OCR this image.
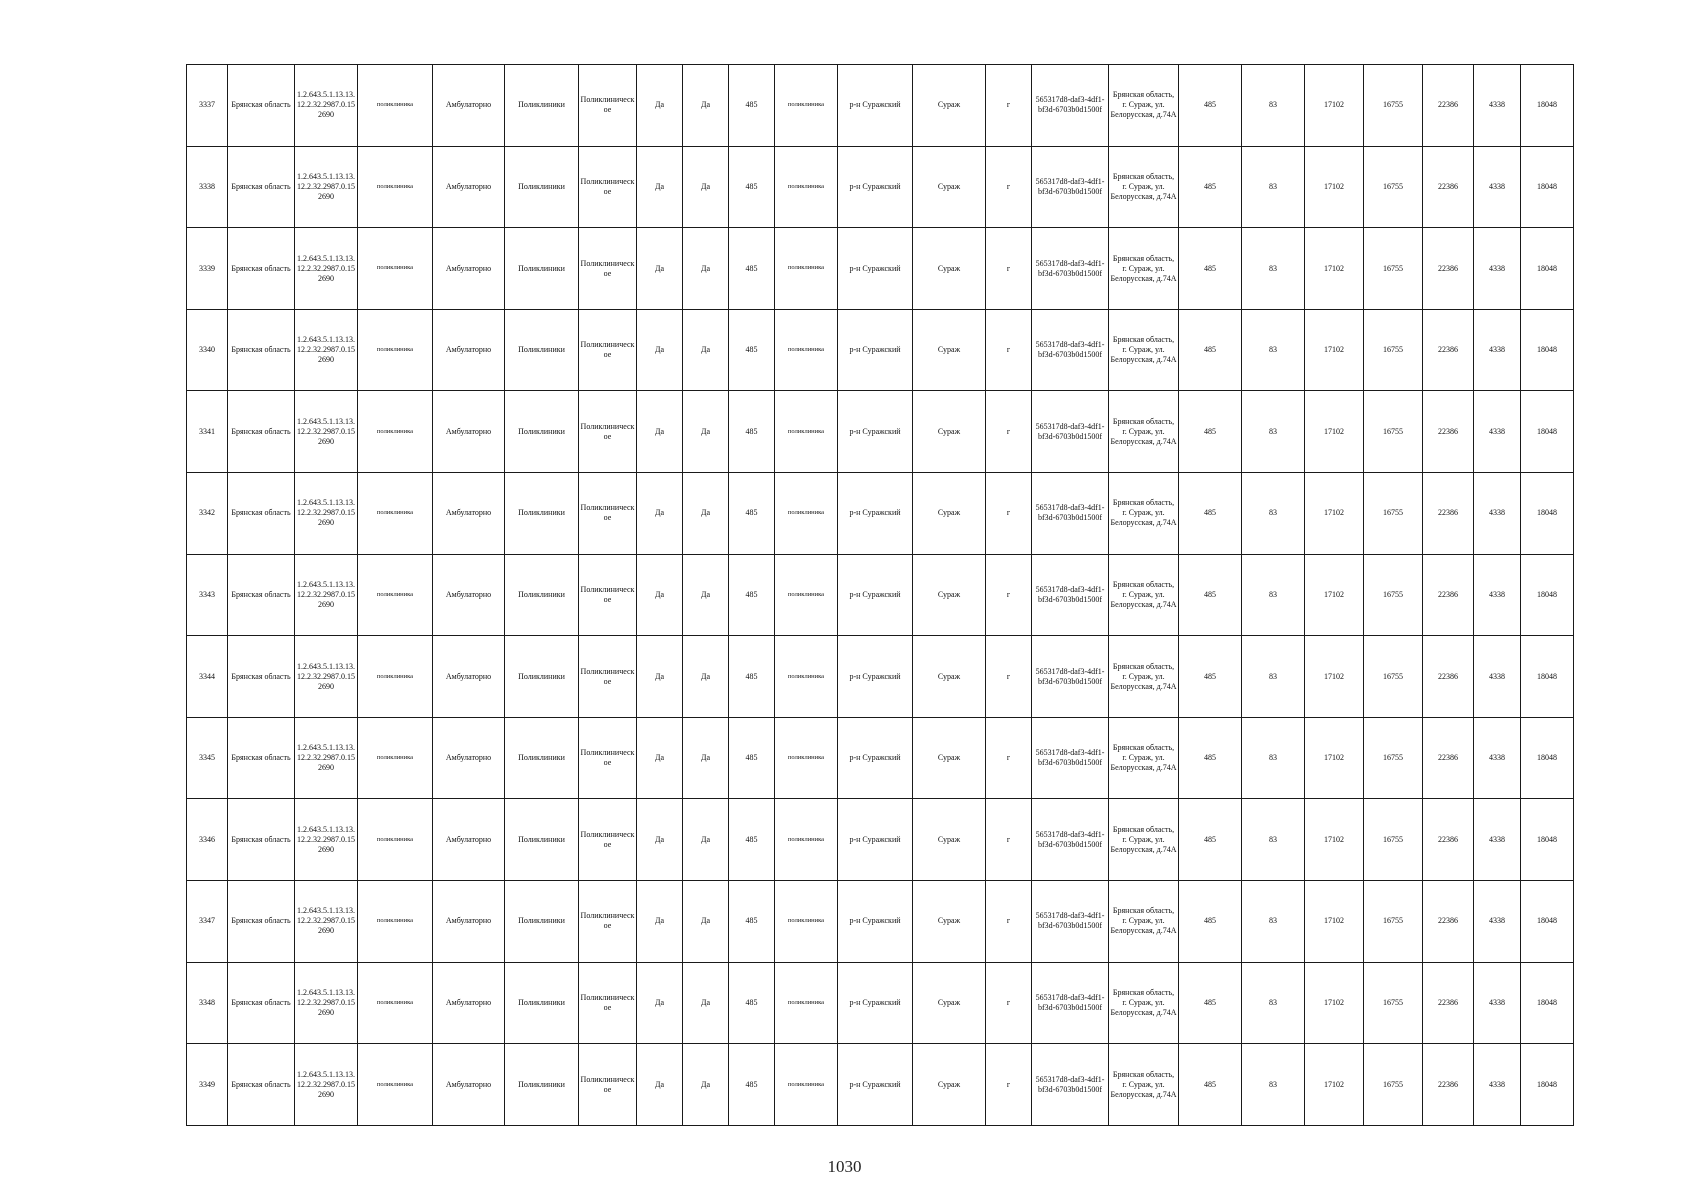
3337	Брянская область	1.2.643.5.1.13.13.12.2.32.2987.0.152690	поликлиника	Амбулаторно	Поликлиники	Поликлиническое	Да	Да	485	поликлиника	р-н Суражский	Сураж	г	565317d8-daf3-4df1-bf3d-6703b0d1500f	Брянская область, г. Сураж, ул. Белорусская, д.74А	485	83	17102	16755	22386	4338	18048
3338	Брянская область	1.2.643.5.1.13.13.12.2.32.2987.0.152690	поликлиника	Амбулаторно	Поликлиники	Поликлиническое	Да	Да	485	поликлиника	р-н Суражский	Сураж	г	565317d8-daf3-4df1-bf3d-6703b0d1500f	Брянская область, г. Сураж, ул. Белорусская, д.74А	485	83	17102	16755	22386	4338	18048
3339	Брянская область	1.2.643.5.1.13.13.12.2.32.2987.0.152690	поликлиника	Амбулаторно	Поликлиники	Поликлиническое	Да	Да	485	поликлиника	р-н Суражский	Сураж	г	565317d8-daf3-4df1-bf3d-6703b0d1500f	Брянская область, г. Сураж, ул. Белорусская, д.74А	485	83	17102	16755	22386	4338	18048
3340	Брянская область	1.2.643.5.1.13.13.12.2.32.2987.0.152690	поликлиника	Амбулаторно	Поликлиники	Поликлиническое	Да	Да	485	поликлиника	р-н Суражский	Сураж	г	565317d8-daf3-4df1-bf3d-6703b0d1500f	Брянская область, г. Сураж, ул. Белорусская, д.74А	485	83	17102	16755	22386	4338	18048
3341	Брянская область	1.2.643.5.1.13.13.12.2.32.2987.0.152690	поликлиника	Амбулаторно	Поликлиники	Поликлиническое	Да	Да	485	поликлиника	р-н Суражский	Сураж	г	565317d8-daf3-4df1-bf3d-6703b0d1500f	Брянская область, г. Сураж, ул. Белорусская, д.74А	485	83	17102	16755	22386	4338	18048
3342	Брянская область	1.2.643.5.1.13.13.12.2.32.2987.0.152690	поликлиника	Амбулаторно	Поликлиники	Поликлиническое	Да	Да	485	поликлиника	р-н Суражский	Сураж	г	565317d8-daf3-4df1-bf3d-6703b0d1500f	Брянская область, г. Сураж, ул. Белорусская, д.74А	485	83	17102	16755	22386	4338	18048
3343	Брянская область	1.2.643.5.1.13.13.12.2.32.2987.0.152690	поликлиника	Амбулаторно	Поликлиники	Поликлиническое	Да	Да	485	поликлиника	р-н Суражский	Сураж	г	565317d8-daf3-4df1-bf3d-6703b0d1500f	Брянская область, г. Сураж, ул. Белорусская, д.74А	485	83	17102	16755	22386	4338	18048
3344	Брянская область	1.2.643.5.1.13.13.12.2.32.2987.0.152690	поликлиника	Амбулаторно	Поликлиники	Поликлиническое	Да	Да	485	поликлиника	р-н Суражский	Сураж	г	565317d8-daf3-4df1-bf3d-6703b0d1500f	Брянская область, г. Сураж, ул. Белорусская, д.74А	485	83	17102	16755	22386	4338	18048
3345	Брянская область	1.2.643.5.1.13.13.12.2.32.2987.0.152690	поликлиника	Амбулаторно	Поликлиники	Поликлиническое	Да	Да	485	поликлиника	р-н Суражский	Сураж	г	565317d8-daf3-4df1-bf3d-6703b0d1500f	Брянская область, г. Сураж, ул. Белорусская, д.74А	485	83	17102	16755	22386	4338	18048
3346	Брянская область	1.2.643.5.1.13.13.12.2.32.2987.0.152690	поликлиника	Амбулаторно	Поликлиники	Поликлиническое	Да	Да	485	поликлиника	р-н Суражский	Сураж	г	565317d8-daf3-4df1-bf3d-6703b0d1500f	Брянская область, г. Сураж, ул. Белорусская, д.74А	485	83	17102	16755	22386	4338	18048
3347	Брянская область	1.2.643.5.1.13.13.12.2.32.2987.0.152690	поликлиника	Амбулаторно	Поликлиники	Поликлиническое	Да	Да	485	поликлиника	р-н Суражский	Сураж	г	565317d8-daf3-4df1-bf3d-6703b0d1500f	Брянская область, г. Сураж, ул. Белорусская, д.74А	485	83	17102	16755	22386	4338	18048
3348	Брянская область	1.2.643.5.1.13.13.12.2.32.2987.0.152690	поликлиника	Амбулаторно	Поликлиники	Поликлиническое	Да	Да	485	поликлиника	р-н Суражский	Сураж	г	565317d8-daf3-4df1-bf3d-6703b0d1500f	Брянская область, г. Сураж, ул. Белорусская, д.74А	485	83	17102	16755	22386	4338	18048
3349	Брянская область	1.2.643.5.1.13.13.12.2.32.2987.0.152690	поликлиника	Амбулаторно	Поликлиники	Поликлиническое	Да	Да	485	поликлиника	р-н Суражский	Сураж	г	565317d8-daf3-4df1-bf3d-6703b0d1500f	Брянская область, г. Сураж, ул. Белорусская, д.74А	485	83	17102	16755	22386	4338	18048
1030
